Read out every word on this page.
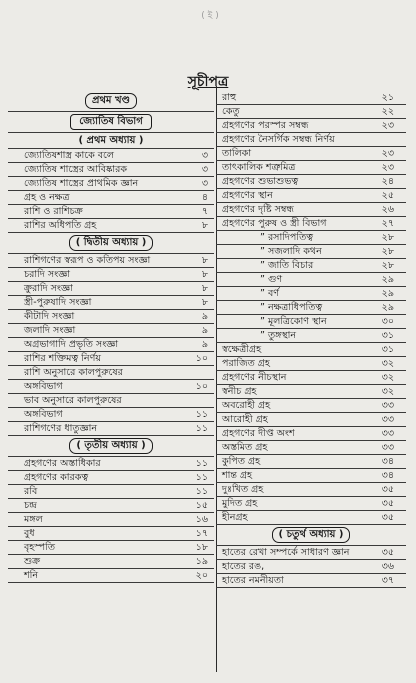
( ই )
সূচীপত্র
প্রথম খণ্ড
জ্যোতিষ বিভাগ
( প্রথম অধ্যায় )
জ্যোতিষশাস্ত্র কাকে বলে	৩
জ্যোতিষ শাস্ত্রের আবিষ্কারক	৩
জ্যোতিষ শাস্ত্রের প্রাথমিক জ্ঞান	৩
গ্রহ ও নক্ষত্র	৪
রাশি ও রাশিচক্র	৭
রাশির অধিপতি গ্রহ	৮
( দ্বিতীয় অধ্যায় )
রাশিগণের স্বরূপ ও কতিপয় সংজ্ঞা	৮
চরাদি সংজ্ঞা	৮
ক্রুরাদি সংজ্ঞা	৮
স্ত্রী-পুরুষাদি সংজ্ঞা	৮
কীটাদি সংজ্ঞা	৯
জলাদি সংজ্ঞা	৯
অগ্রভাগাদি প্রভৃতি সংজ্ঞা	৯
রাশির শক্তিমত্ব নির্ণয়	১০
রাশি অনুসারে কালপুরুষের
অঙ্গবিভাগ	১০
ভাব অনুসারে কালপুরুষের
অঙ্গবিভাগ	১১
রাশিগণের ধাতুজ্ঞান	১১
( তৃতীয় অধ্যায় )
গ্রহগণের অস্তাধিকার	১১
গ্রহগণের কারকত্ব	১১
রবি	১১
চন্দ্র	১৫
মঙ্গল	১৬
বুধ	১৭
বৃহস্পতি	১৮
শুক্র	১৯
শনি	২০
রাহু	২১
কেতু	২২
গ্রহগণের পরস্পর সম্বন্ধ	২৩
গ্রহগণের নৈসর্গিক সম্বন্ধ নির্ণয়
তালিকা	২৩
তাৎকালিক শত্রুমিত্র	২৩
গ্রহগণের শুভাশুভত্ব	২৪
গ্রহগণের স্থান	২৫
গ্রহগণের দৃষ্টি সম্বন্ধ	২৬
গ্রহগণের পুরুষ ও স্ত্রী বিভাগ	২৭
” রসাদিপতিত্ব	২৮
” সজলাদি কথন	২৮
” জাতি বিচার	২৮
” গুণ	২৯
” বর্ণ	২৯
” নক্ষত্রাধিপতিত্ব	২৯
” মূলত্রিকোণ স্থান	৩০
” তুঙ্গস্থান	৩১
স্বক্ষেত্রীগ্রহ	৩১
পরাজিত গ্রহ	৩২
গ্রহগণের নীচস্থান	৩২
স্বনীচ গ্রহ	৩২
অবরোহী গ্রহ	৩৩
আরোহী গ্রহ	৩৩
গ্রহগণের দীপ্ত অংশ	৩৩
অস্তমিত গ্রহ	৩৩
কুপিত গ্রহ	৩৪
শান্ত গ্রহ	৩৪
দুঃখিত গ্রহ	৩৫
মুদিত গ্রহ	৩৫
হীনগ্রহ	৩৫
( চতুর্থ অধ্যায় )
হাতের রেখা সম্পর্কে সাধারণ জ্ঞান	৩৫
হাতের রঙ,	৩৬
হাতের নমনীয়তা	৩৭
